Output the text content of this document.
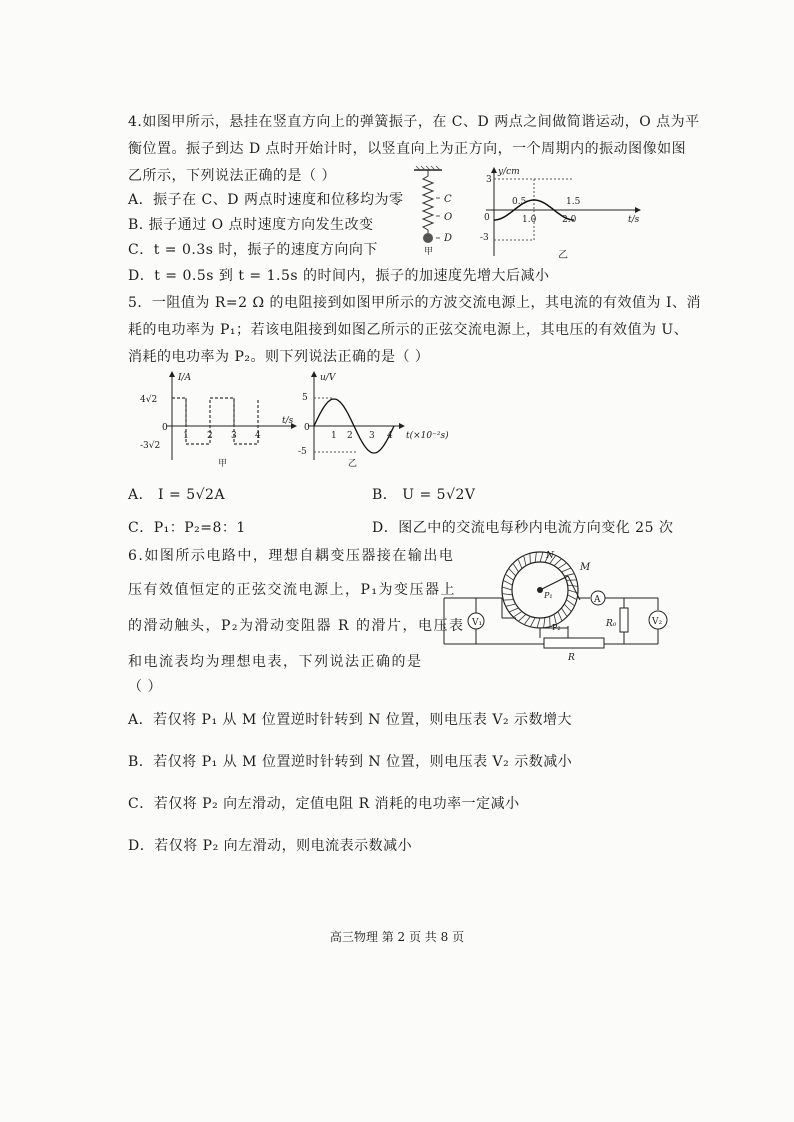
4.如图甲所示，悬挂在竖直方向上的弹簧振子，在 C、D 两点之间做简谐运动，O 点为平
衡位置。振子到达 D 点时开始计时，以竖直向上为正方向，一个周期内的振动图像如图
乙所示，下列说法正确的是（ ）
A．振子在 C、D 两点时速度和位移均为零
B. 振子通过 O 点时速度方向发生改变
C．t = 0.3s 时，振子的速度方向向下
D．t = 0.5s 到 t = 1.5s 的时间内，振子的加速度先增大后减小
C
O
D
甲
y/cm
t/s
3
-3
0
0.5	1.5
1.0	2.0
乙
5．一阻值为 R=2 Ω 的电阻接到如图甲所示的方波交流电源上，其电流的有效值为 I、消
耗的电功率为 P₁；若该电阻接到如图乙所示的正弦交流电源上，其电压的有效值为 U、
消耗的电功率为 P₂。则下列说法正确的是（ ）
I/A
t/s
4√2
-3√2
0
1 2 3 4
甲
u/V
t(×10⁻²s)
5
-5
0
1 2 3 4
乙
A． I = 5√2A	B． U = 5√2V
C．P₁：P₂=8：1	D．图乙中的交流电每秒内电流方向变化 25 次
6.如图所示电路中，理想自耦变压器接在输出电
压有效值恒定的正弦交流电源上，P₁为变压器上
的滑动触头，P₂为滑动变阻器 R 的滑片，电压表
和电流表均为理想电表，下列说法正确的是
（ ）
N
M
P₁
V₁
A
R₀	V₂
P₂
R
A．若仅将 P₁ 从 M 位置逆时针转到 N 位置，则电压表 V₂ 示数增大
B．若仅将 P₁ 从 M 位置逆时针转到 N 位置，则电压表 V₂ 示数减小
C．若仅将 P₂ 向左滑动，定值电阻 R 消耗的电功率一定减小
D．若仅将 P₂ 向左滑动，则电流表示数减小
高三物理 第 2 页 共 8 页
